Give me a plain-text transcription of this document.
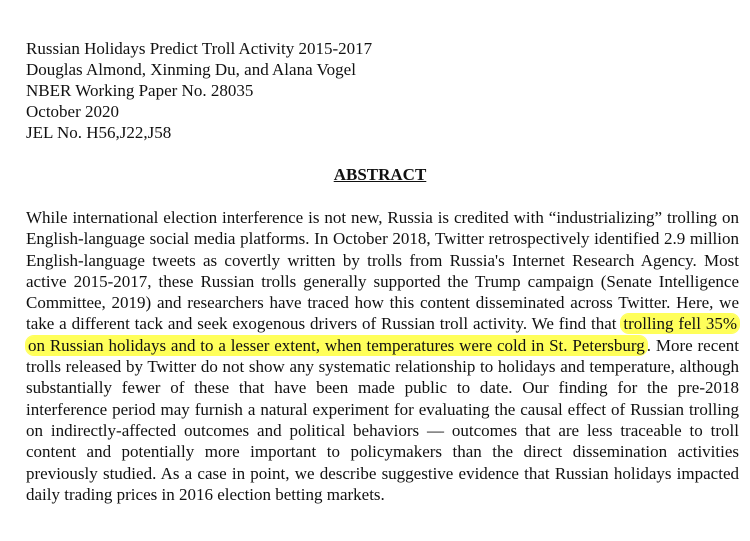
Russian Holidays Predict Troll Activity 2015-2017
Douglas Almond, Xinming Du, and Alana Vogel
NBER Working Paper No. 28035
October 2020
JEL No. H56,J22,J58
ABSTRACT
While international election interference is not new, Russia is credited with “industrializing” trolling on English-language social media platforms. In October 2018, Twitter retrospectively identified 2.9 million English-language tweets as covertly written by trolls from Russia's Internet Research Agency. Most active 2015-2017, these Russian trolls generally supported the Trump campaign (Senate Intelligence Committee, 2019) and researchers have traced how this content disseminated across Twitter. Here, we take a different tack and seek exogenous drivers of Russian troll activity. We find that trolling fell 35% on Russian holidays and to a lesser extent, when temperatures were cold in St. Petersburg . More recent trolls released by Twitter do not show any systematic relationship to holidays and temperature, although substantially fewer of these that have been made public to date. Our finding for the pre-2018 interference period may furnish a natural experiment for evaluating the causal effect of Russian trolling on indirectly-affected outcomes and political behaviors — outcomes that are less traceable to troll content and potentially more important to policymakers than the direct dissemination activities previously studied. As a case in point, we describe suggestive evidence that Russian holidays impacted daily trading prices in 2016 election betting markets.
